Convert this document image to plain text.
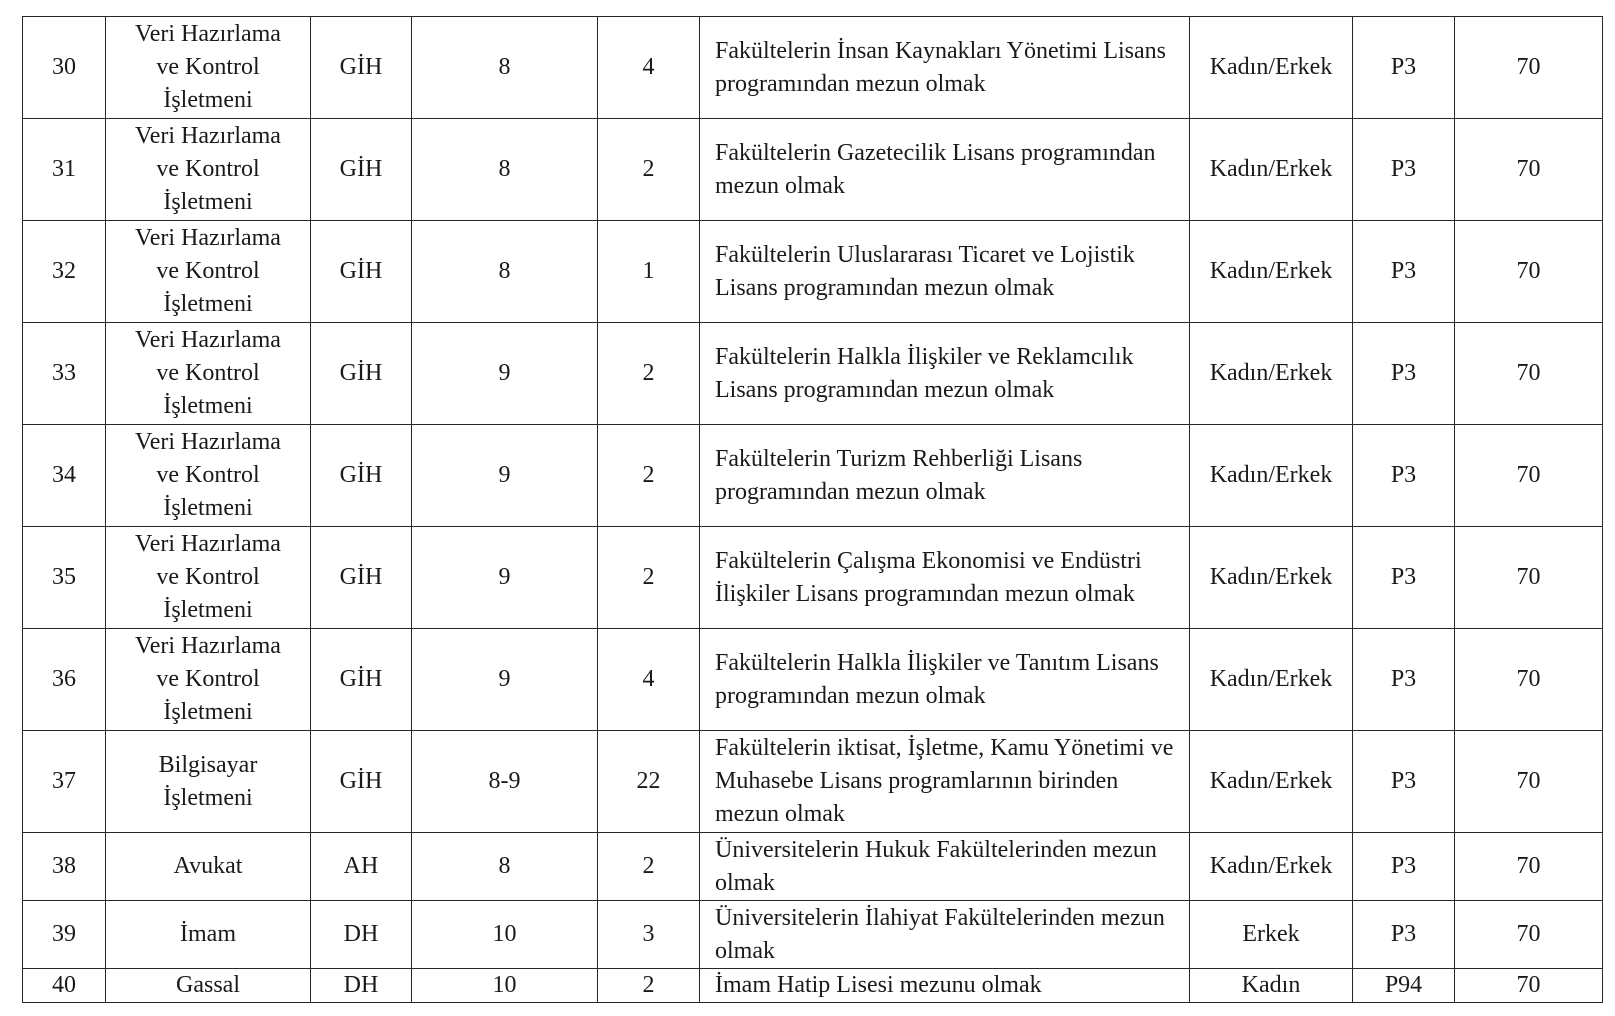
30	Veri Hazırlama
ve Kontrol
İşletmeni	GİH	8	4	Fakültelerin İnsan Kaynakları Yönetimi Lisans programından mezun olmak	Kadın/Erkek	P3	70
31	Veri Hazırlama
ve Kontrol
İşletmeni	GİH	8	2	Fakültelerin Gazetecilik Lisans programından mezun olmak	Kadın/Erkek	P3	70
32	Veri Hazırlama
ve Kontrol
İşletmeni	GİH	8	1	Fakültelerin Uluslararası Ticaret ve Lojistik Lisans programından mezun olmak	Kadın/Erkek	P3	70
33	Veri Hazırlama
ve Kontrol
İşletmeni	GİH	9	2	Fakültelerin Halkla İlişkiler ve Reklamcılık Lisans programından mezun olmak	Kadın/Erkek	P3	70
34	Veri Hazırlama
ve Kontrol
İşletmeni	GİH	9	2	Fakültelerin Turizm Rehberliği Lisans programından mezun olmak	Kadın/Erkek	P3	70
35	Veri Hazırlama
ve Kontrol
İşletmeni	GİH	9	2	Fakültelerin Çalışma Ekonomisi ve Endüstri İlişkiler Lisans programından mezun olmak	Kadın/Erkek	P3	70
36	Veri Hazırlama
ve Kontrol
İşletmeni	GİH	9	4	Fakültelerin Halkla İlişkiler ve Tanıtım Lisans programından mezun olmak	Kadın/Erkek	P3	70
37	Bilgisayar
İşletmeni	GİH	8-9	22	Fakültelerin iktisat, İşletme, Kamu Yönetimi ve Muhasebe Lisans programlarının birinden mezun olmak	Kadın/Erkek	P3	70
38	Avukat	AH	8	2	Üniversitelerin Hukuk Fakültelerinden mezun olmak	Kadın/Erkek	P3	70
39	İmam	DH	10	3	Üniversitelerin İlahiyat Fakültelerinden mezun olmak	Erkek	P3	70
40	Gassal	DH	10	2	İmam Hatip Lisesi mezunu olmak	Kadın	P94	70
